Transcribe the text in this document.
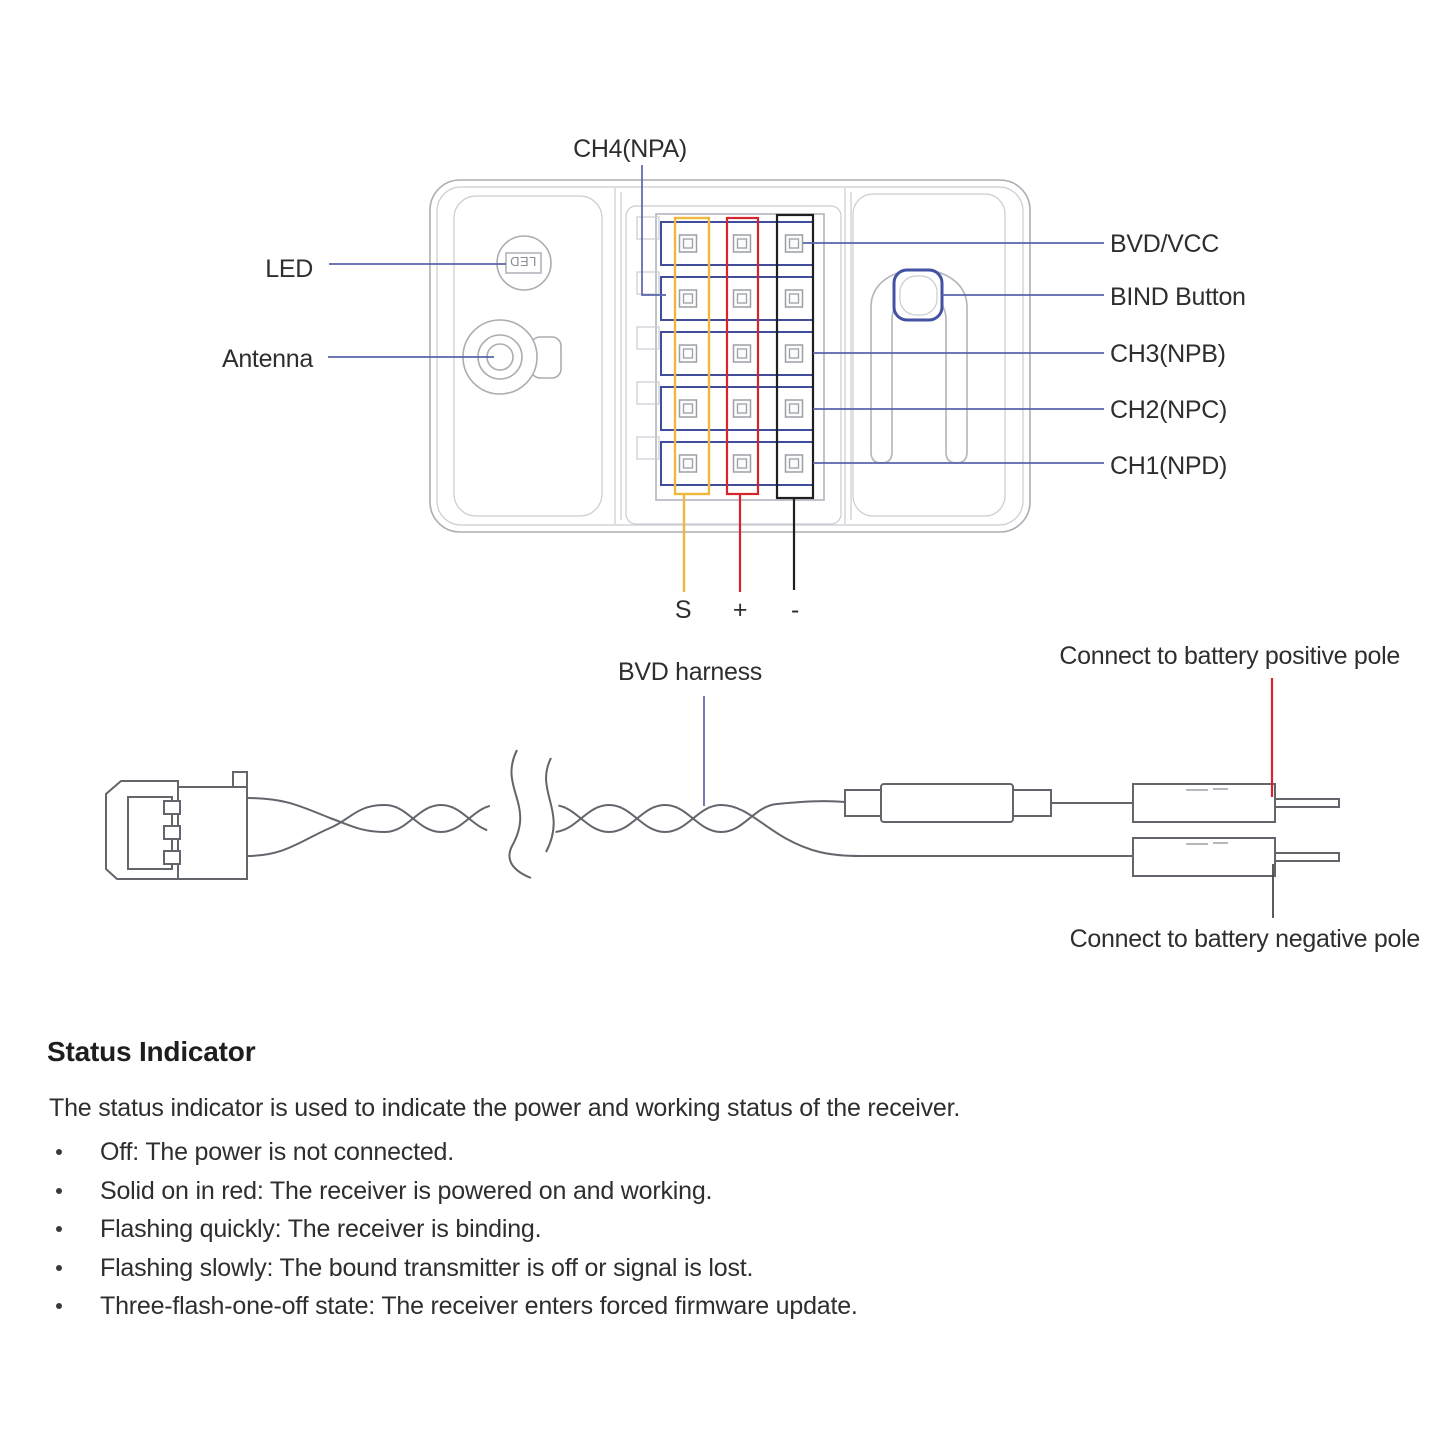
LED
CH4(NPA)
LED
Antenna
BVD/VCC
BIND Button
CH3(NPB)
CH2(NPC)
CH1(NPD)
S + -
BVD harness
Connect to battery positive pole
Connect to battery negative pole
Status Indicator

The status indicator is used to indicate the power and working status of the receiver.

Off: The power is not connected.
Solid on in red: The receiver is powered on and working.
Flashing quickly: The receiver is binding.
Flashing slowly: The bound transmitter is off or signal is lost.
Three-flash-one-off state: The receiver enters forced firmware update.
